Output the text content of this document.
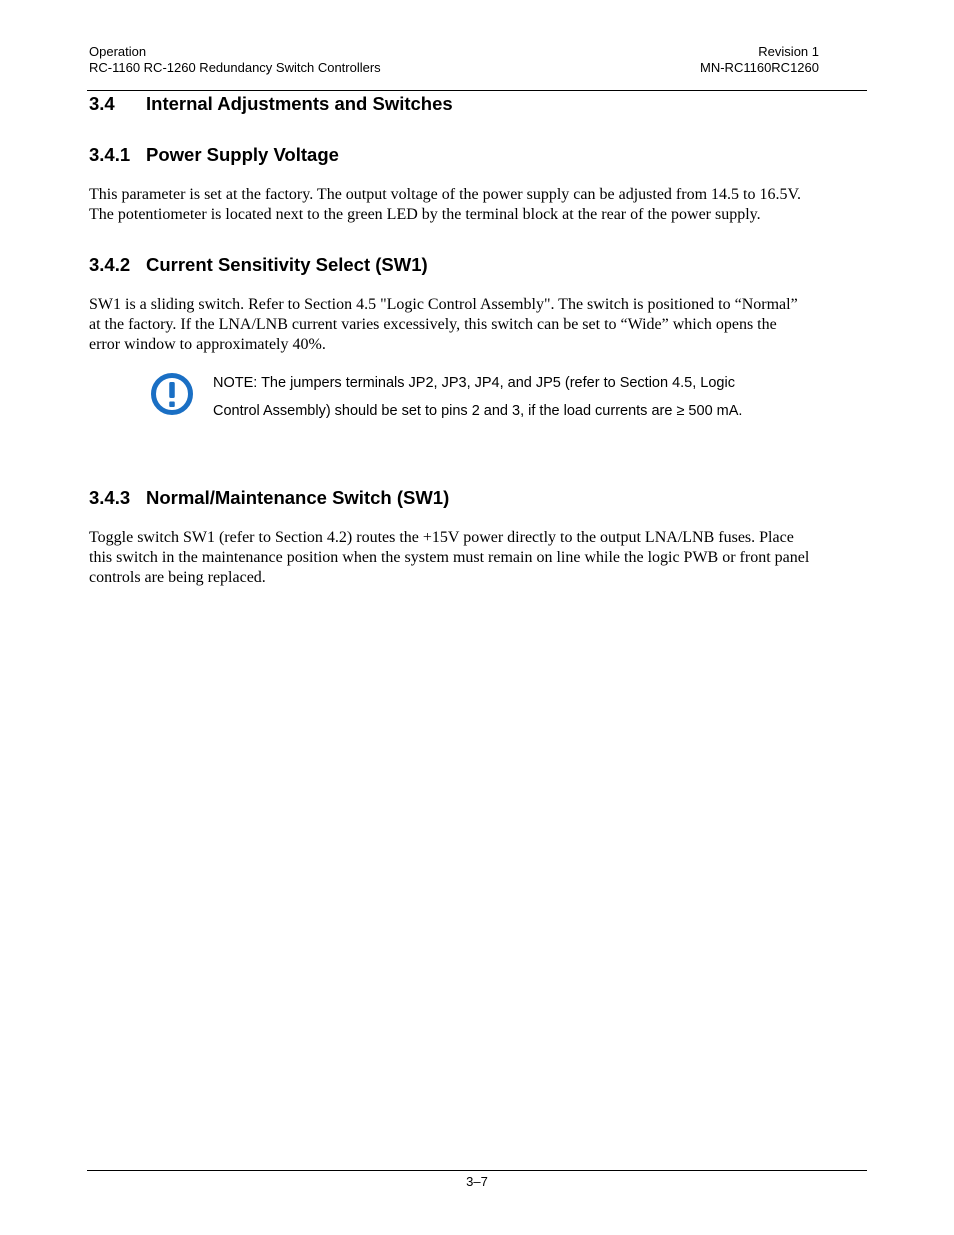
Operation
RC-1160 RC-1260 Redundancy Switch Controllers
Revision 1
MN-RC1160RC1260
3.4 Internal Adjustments and Switches
3.4.1 Power Supply Voltage
This parameter is set at the factory. The output voltage of the power supply can be adjusted from 14.5 to 16.5V.
The potentiometer is located next to the green LED by the terminal block at the rear of the power supply.
3.4.2 Current Sensitivity Select (SW1)
SW1 is a sliding switch. Refer to Section 4.5 "Logic Control Assembly". The switch is positioned to “Normal”
at the factory. If the LNA/LNB current varies excessively, this switch can be set to “Wide” which opens the
error window to approximately 40%.
NOTE: The jumpers terminals JP2, JP3, JP4, and JP5 (refer to Section 4.5, Logic
Control Assembly) should be set to pins 2 and 3, if the load currents are ≥ 500 mA.
3.4.3 Normal/Maintenance Switch (SW1)
Toggle switch SW1 (refer to Section 4.2) routes the +15V power directly to the output LNA/LNB fuses. Place
this switch in the maintenance position when the system must remain on line while the logic PWB or front panel
controls are being replaced.
3–7
